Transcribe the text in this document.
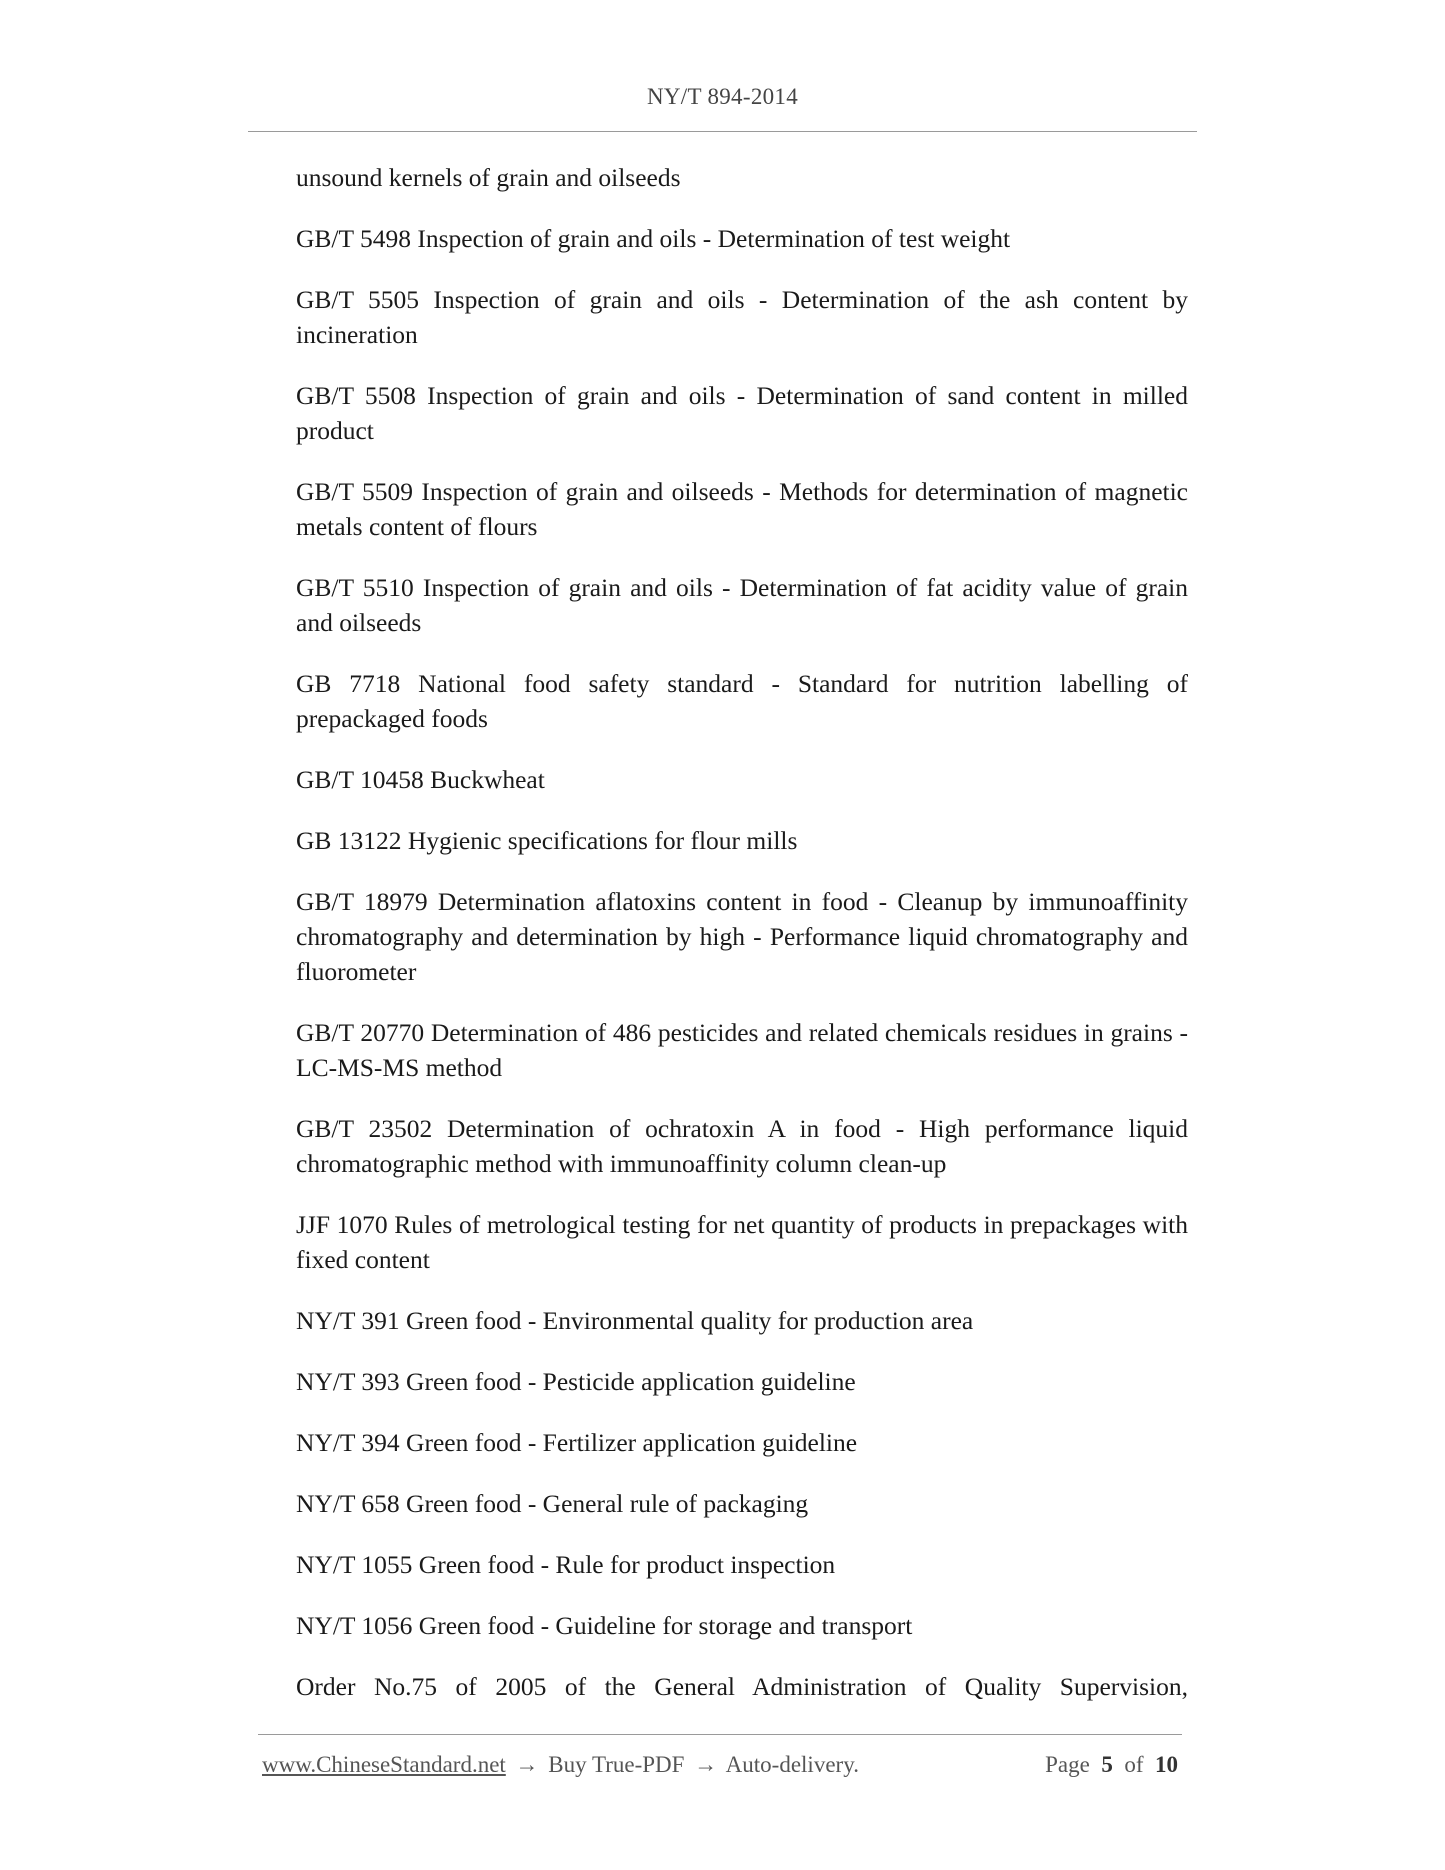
NY/T 894-2014

unsound kernels of grain and oilseeds

GB/T 5498 Inspection of grain and oils - Determination of test weight

GB/T 5505 Inspection of grain and oils - Determination of the ash content by incineration

GB/T 5508 Inspection of grain and oils - Determination of sand content in milled product

GB/T 5509 Inspection of grain and oilseeds - Methods for determination of magnetic metals content of flours

GB/T 5510 Inspection of grain and oils - Determination of fat acidity value of grain and oilseeds

GB 7718 National food safety standard - Standard for nutrition labelling of prepackaged foods

GB/T 10458 Buckwheat

GB 13122 Hygienic specifications for flour mills

GB/T 18979 Determination aflatoxins content in food - Cleanup by immunoaffinity chromatography and determination by high - Performance liquid chromatography and fluorometer

GB/T 20770 Determination of 486 pesticides and related chemicals residues in grains - LC-MS-MS method

GB/T 23502 Determination of ochratoxin A in food - High performance liquid chromatographic method with immunoaffinity column clean-up

JJF 1070 Rules of metrological testing for net quantity of products in prepackages with fixed content

NY/T 391 Green food - Environmental quality for production area

NY/T 393 Green food - Pesticide application guideline

NY/T 394 Green food - Fertilizer application guideline

NY/T 658 Green food - General rule of packaging

NY/T 1055 Green food - Rule for product inspection

NY/T 1056 Green food - Guideline for storage and transport

Order No.75 of 2005 of the General Administration of Quality Supervision,

www.ChineseStandard.net → Buy True-PDF → Auto-delivery.	Page 5 of 10
